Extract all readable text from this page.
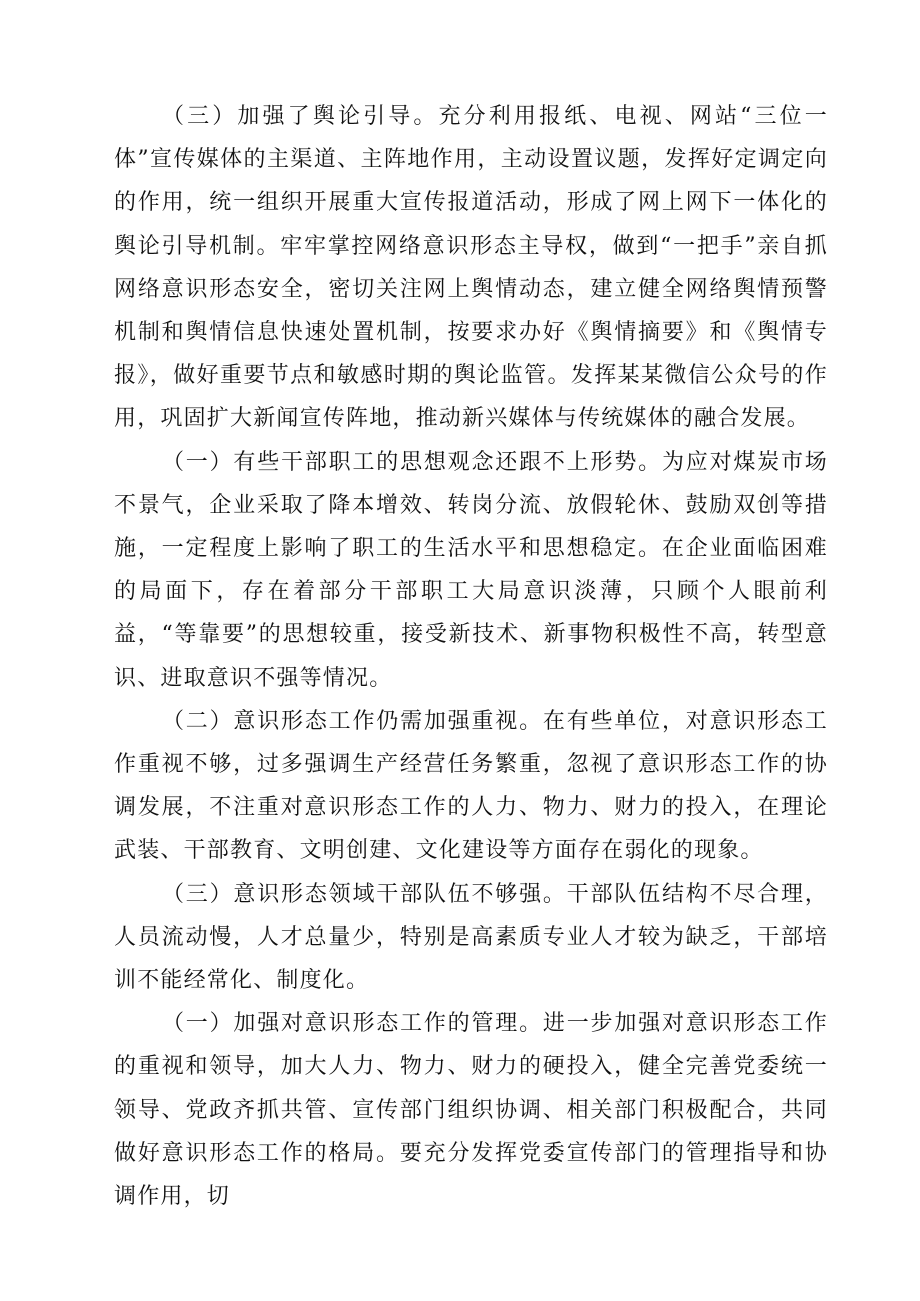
（三）加强了舆论引导。充分利用报纸、电视、网站“三位一体”宣传媒体的主渠道、主阵地作用，主动设置议题，发挥好定调定向的作用，统一组织开展重大宣传报道活动，形成了网上网下一体化的舆论引导机制。牢牢掌控网络意识形态主导权，做到“一把手”亲自抓网络意识形态安全，密切关注网上舆情动态，建立健全网络舆情预警机制和舆情信息快速处置机制，按要求办好《舆情摘要》和《舆情专报》，做好重要节点和敏感时期的舆论监管。发挥某某微信公众号的作用，巩固扩大新闻宣传阵地，推动新兴媒体与传统媒体的融合发展。

（一）有些干部职工的思想观念还跟不上形势。为应对煤炭市场不景气，企业采取了降本增效、转岗分流、放假轮休、鼓励双创等措施，一定程度上影响了职工的生活水平和思想稳定。在企业面临困难的局面下，存在着部分干部职工大局意识淡薄，只顾个人眼前利益，“等靠要”的思想较重，接受新技术、新事物积极性不高，转型意识、进取意识不强等情况。

（二）意识形态工作仍需加强重视。在有些单位，对意识形态工作重视不够，过多强调生产经营任务繁重，忽视了意识形态工作的协调发展，不注重对意识形态工作的人力、物力、财力的投入，在理论武装、干部教育、文明创建、文化建设等方面存在弱化的现象。

（三）意识形态领域干部队伍不够强。干部队伍结构不尽合理，人员流动慢，人才总量少，特别是高素质专业人才较为缺乏，干部培训不能经常化、制度化。

（一）加强对意识形态工作的管理。进一步加强对意识形态工作的重视和领导，加大人力、物力、财力的硬投入，健全完善党委统一领导、党政齐抓共管、宣传部门组织协调、相关部门积极配合，共同做好意识形态工作的格局。要充分发挥党委宣传部门的管理指导和协调作用，切
